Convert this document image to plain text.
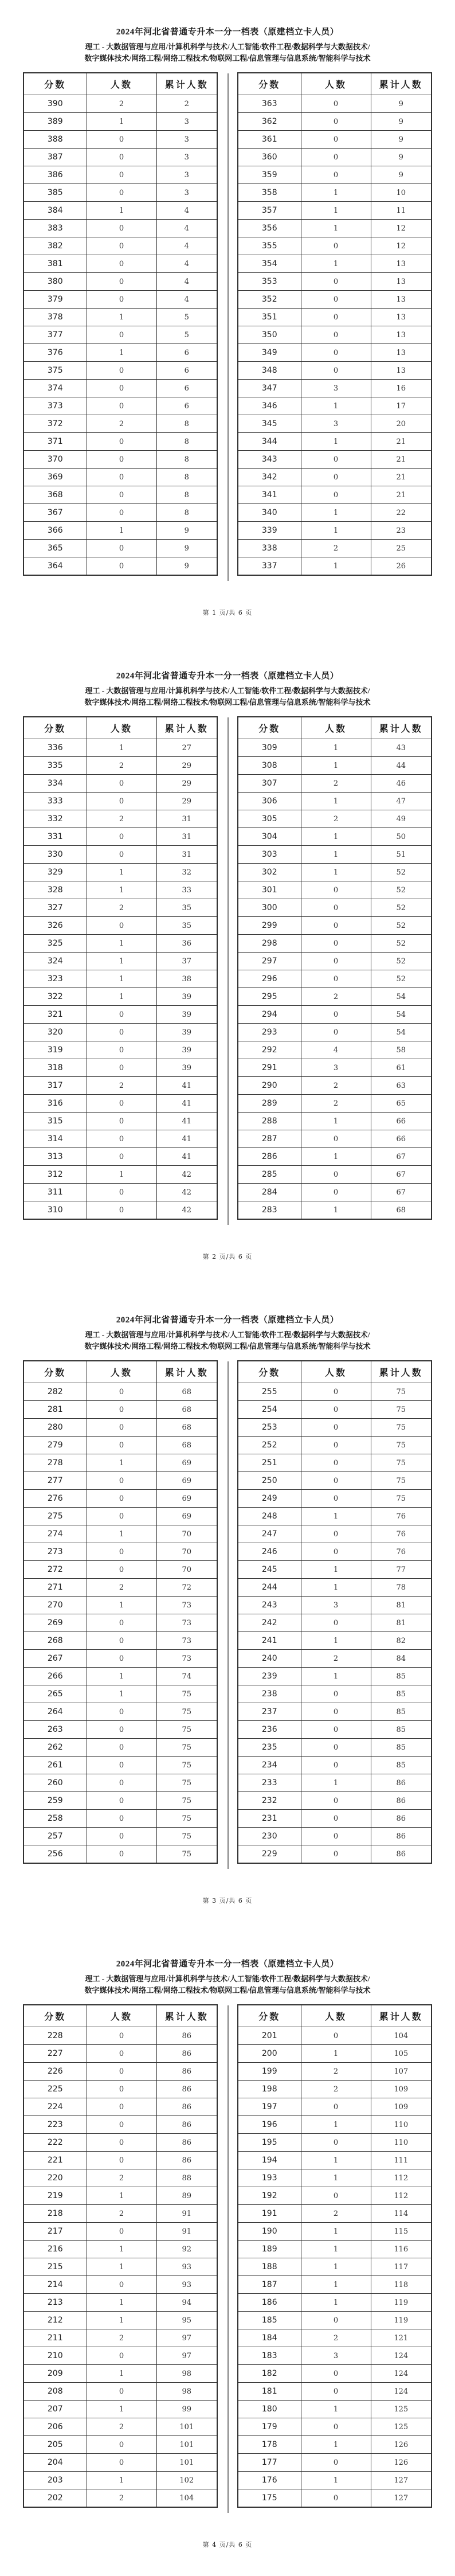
2024年河北省普通专升本一分一档表（原建档立卡人员）
理工 - 大数据管理与应用/计算机科学与技术/人工智能/软件工程/数据科学与大数据技术/
数字媒体技术/网络工程/网络工程技术/物联网工程/信息管理与信息系统/智能科学与技术
分数	人数	累计人数
390	2	2
389	1	3
388	0	3
387	0	3
386	0	3
385	0	3
384	1	4
383	0	4
382	0	4
381	0	4
380	0	4
379	0	4
378	1	5
377	0	5
376	1	6
375	0	6
374	0	6
373	0	6
372	2	8
371	0	8
370	0	8
369	0	8
368	0	8
367	0	8
366	1	9
365	0	9
364	0	9
分数	人数	累计人数
363	0	9
362	0	9
361	0	9
360	0	9
359	0	9
358	1	10
357	1	11
356	1	12
355	0	12
354	1	13
353	0	13
352	0	13
351	0	13
350	0	13
349	0	13
348	0	13
347	3	16
346	1	17
345	3	20
344	1	21
343	0	21
342	0	21
341	0	21
340	1	22
339	1	23
338	2	25
337	1	26
第 1 页/共 6 页
2024年河北省普通专升本一分一档表（原建档立卡人员）
理工 - 大数据管理与应用/计算机科学与技术/人工智能/软件工程/数据科学与大数据技术/
数字媒体技术/网络工程/网络工程技术/物联网工程/信息管理与信息系统/智能科学与技术
分数	人数	累计人数
336	1	27
335	2	29
334	0	29
333	0	29
332	2	31
331	0	31
330	0	31
329	1	32
328	1	33
327	2	35
326	0	35
325	1	36
324	1	37
323	1	38
322	1	39
321	0	39
320	0	39
319	0	39
318	0	39
317	2	41
316	0	41
315	0	41
314	0	41
313	0	41
312	1	42
311	0	42
310	0	42
分数	人数	累计人数
309	1	43
308	1	44
307	2	46
306	1	47
305	2	49
304	1	50
303	1	51
302	1	52
301	0	52
300	0	52
299	0	52
298	0	52
297	0	52
296	0	52
295	2	54
294	0	54
293	0	54
292	4	58
291	3	61
290	2	63
289	2	65
288	1	66
287	0	66
286	1	67
285	0	67
284	0	67
283	1	68
第 2 页/共 6 页
2024年河北省普通专升本一分一档表（原建档立卡人员）
理工 - 大数据管理与应用/计算机科学与技术/人工智能/软件工程/数据科学与大数据技术/
数字媒体技术/网络工程/网络工程技术/物联网工程/信息管理与信息系统/智能科学与技术
分数	人数	累计人数
282	0	68
281	0	68
280	0	68
279	0	68
278	1	69
277	0	69
276	0	69
275	0	69
274	1	70
273	0	70
272	0	70
271	2	72
270	1	73
269	0	73
268	0	73
267	0	73
266	1	74
265	1	75
264	0	75
263	0	75
262	0	75
261	0	75
260	0	75
259	0	75
258	0	75
257	0	75
256	0	75
分数	人数	累计人数
255	0	75
254	0	75
253	0	75
252	0	75
251	0	75
250	0	75
249	0	75
248	1	76
247	0	76
246	0	76
245	1	77
244	1	78
243	3	81
242	0	81
241	1	82
240	2	84
239	1	85
238	0	85
237	0	85
236	0	85
235	0	85
234	0	85
233	1	86
232	0	86
231	0	86
230	0	86
229	0	86
第 3 页/共 6 页
2024年河北省普通专升本一分一档表（原建档立卡人员）
理工 - 大数据管理与应用/计算机科学与技术/人工智能/软件工程/数据科学与大数据技术/
数字媒体技术/网络工程/网络工程技术/物联网工程/信息管理与信息系统/智能科学与技术
分数	人数	累计人数
228	0	86
227	0	86
226	0	86
225	0	86
224	0	86
223	0	86
222	0	86
221	0	86
220	2	88
219	1	89
218	2	91
217	0	91
216	1	92
215	1	93
214	0	93
213	1	94
212	1	95
211	2	97
210	0	97
209	1	98
208	0	98
207	1	99
206	2	101
205	0	101
204	0	101
203	1	102
202	2	104
分数	人数	累计人数
201	0	104
200	1	105
199	2	107
198	2	109
197	0	109
196	1	110
195	0	110
194	1	111
193	1	112
192	0	112
191	2	114
190	1	115
189	1	116
188	1	117
187	1	118
186	1	119
185	0	119
184	2	121
183	3	124
182	0	124
181	0	124
180	1	125
179	0	125
178	1	126
177	0	126
176	1	127
175	0	127
第 4 页/共 6 页
